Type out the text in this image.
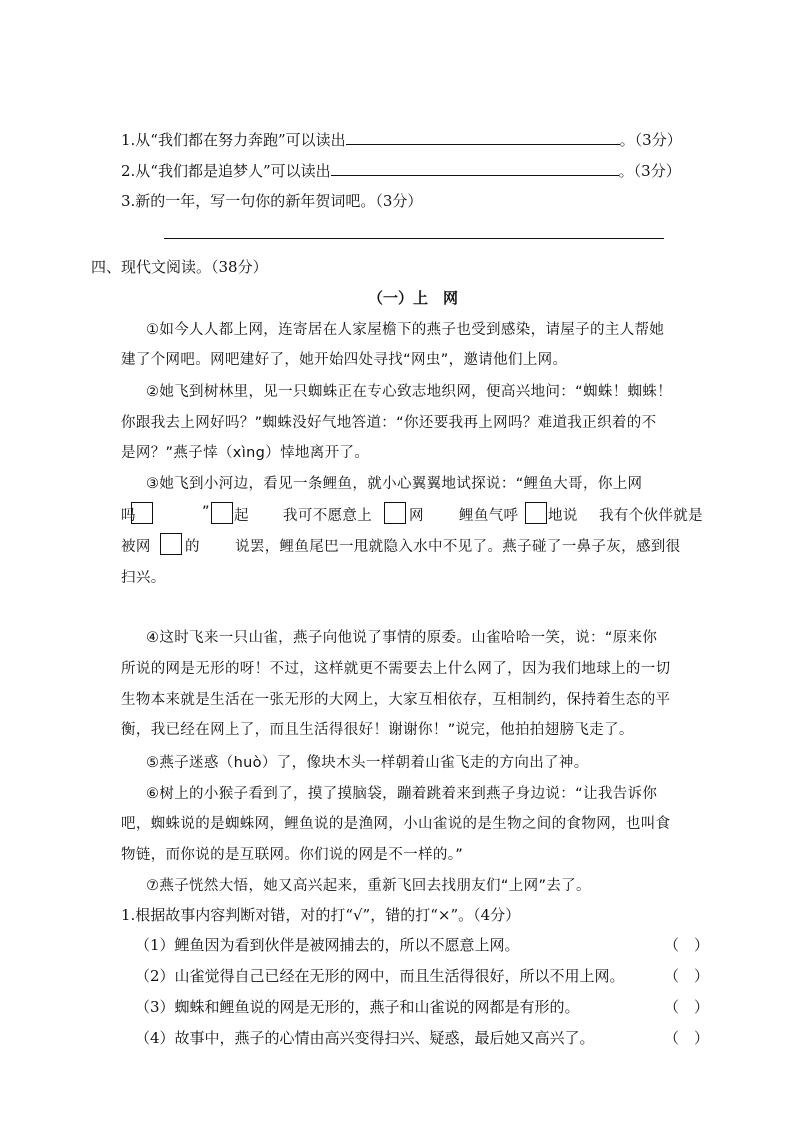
1.从“我们都在努力奔跑”可以读出	。（3分）
2.从“我们都是追梦人”可以读出	。（3分）
3.新的一年，写一句你的新年贺词吧。（3分）
四、现代文阅读。（38分）
（一）上　网
①如今人人都上网，连寄居在人家屋檐下的燕子也受到感染，请屋子的主人帮她
建了个网吧。网吧建好了，她开始四处寻找“网虫”，邀请他们上网。
②她飞到树林里，见一只蜘蛛正在专心致志地织网，便高兴地问：“蜘蛛！蜘蛛！
你跟我去上网好吗？”蜘蛛没好气地答道：“你还要我再上网吗？难道我正织着的不
是网？”燕子悻（xìng）悻地离开了。
③她飞到小河边，看见一条鲤鱼，就小心翼翼地试探说：“鲤鱼大哥，你上网
吗	” 起 我可不愿意上	网 鲤鱼气呼 地说 我有个伙伴就是
被网 的 说罢，鲤鱼尾巴一甩就隐入水中不见了。燕子碰了一鼻子灰，感到很
扫兴。
④这时飞来一只山雀，燕子向他说了事情的原委。山雀哈哈一笑，说：“原来你
所说的网是无形的呀！不过，这样就更不需要去上什么网了，因为我们地球上的一切
生物本来就是生活在一张无形的大网上，大家互相依存，互相制约，保持着生态的平
衡，我已经在网上了，而且生活得很好！谢谢你！”说完，他拍拍翅膀飞走了。
⑤燕子迷惑（huò）了，像块木头一样朝着山雀飞走的方向出了神。
⑥树上的小猴子看到了，摸了摸脑袋，蹦着跳着来到燕子身边说：“让我告诉你
吧，蜘蛛说的是蜘蛛网，鲤鱼说的是渔网，小山雀说的是生物之间的食物网，也叫食
物链，而你说的是互联网。你们说的网是不一样的。”
⑦燕子恍然大悟，她又高兴起来，重新飞回去找朋友们“上网”去了。
1.根据故事内容判断对错，对的打“√”，错的打“×”。（4分）
（1）鲤鱼因为看到伙伴是被网捕去的，所以不愿意上网。	（　）
（2）山雀觉得自己已经在无形的网中，而且生活得很好，所以不用上网。	（　）
（3）蜘蛛和鲤鱼说的网是无形的，燕子和山雀说的网都是有形的。	（　）
（4）故事中，燕子的心情由高兴变得扫兴、疑惑，最后她又高兴了。	（　）
